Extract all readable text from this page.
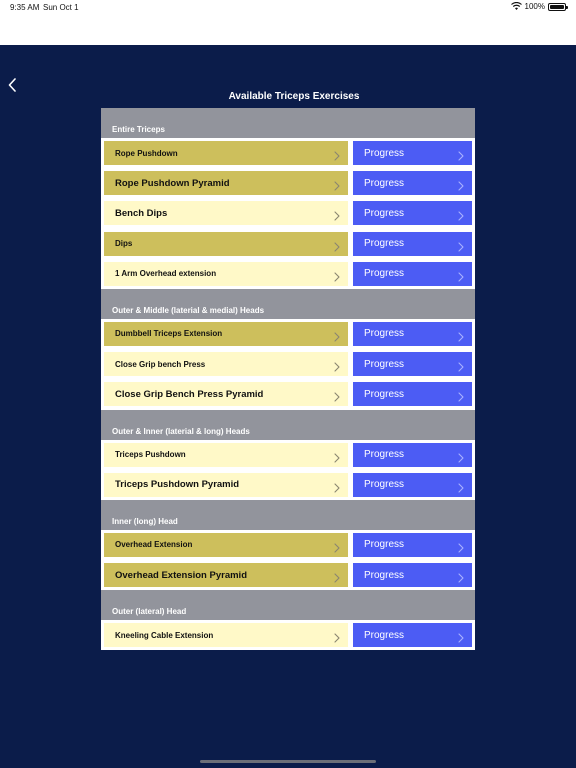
9:35 AM Sun Oct 1	100%
Available Triceps Exercises
Entire Triceps
Rope Pushdown	Progress
Rope Pushdown Pyramid	Progress
Bench Dips	Progress
Dips	Progress
1 Arm Overhead extension	Progress
Outer & Middle (laterial & medial) Heads
Dumbbell Triceps Extension	Progress
Close Grip bench Press	Progress
Close Grip Bench Press Pyramid	Progress
Outer & Inner (laterial & long) Heads
Triceps Pushdown	Progress
Triceps Pushdown Pyramid	Progress
Inner (long) Head
Overhead Extension	Progress
Overhead Extension Pyramid	Progress
Outer (lateral) Head
Kneeling Cable Extension	Progress
